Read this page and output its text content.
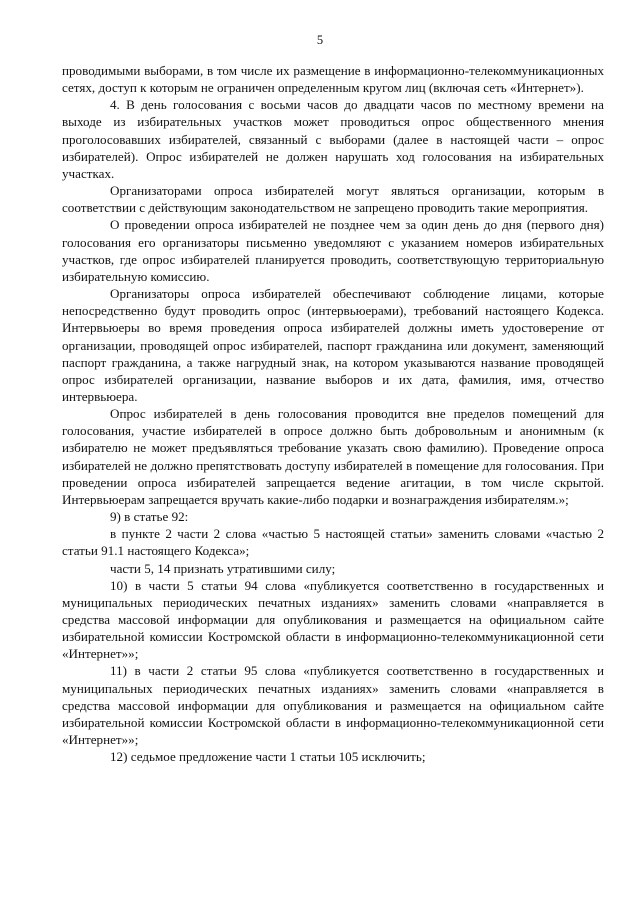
5

проводимыми выборами, в том числе их размещение в информационно-телекоммуникационных сетях, доступ к которым не ограничен определенным кругом лиц (включая сеть «Интернет»).

4. В день голосования с восьми часов до двадцати часов по местному времени на выходе из избирательных участков может проводиться опрос общественного мнения проголосовавших избирателей, связанный с выборами (далее в настоящей части – опрос избирателей). Опрос избирателей не должен нарушать ход голосования на избирательных участках.

Организаторами опроса избирателей могут являться организации, которым в соответствии с действующим законодательством не запрещено проводить такие мероприятия.

О проведении опроса избирателей не позднее чем за один день до дня (первого дня) голосования его организаторы письменно уведомляют с указанием номеров избирательных участков, где опрос избирателей планируется проводить, соответствующую территориальную избирательную комиссию.

Организаторы опроса избирателей обеспечивают соблюдение лицами, которые непосредственно будут проводить опрос (интервьюерами), требований настоящего Кодекса. Интервьюеры во время проведения опроса избирателей должны иметь удостоверение от организации, проводящей опрос избирателей, паспорт гражданина или документ, заменяющий паспорт гражданина, а также нагрудный знак, на котором указываются название проводящей опрос избирателей организации, название выборов и их дата, фамилия, имя, отчество интервьюера.

Опрос избирателей в день голосования проводится вне пределов помещений для голосования, участие избирателей в опросе должно быть добровольным и анонимным (к избирателю не может предъявляться требование указать свою фамилию). Проведение опроса избирателей не должно препятствовать доступу избирателей в помещение для голосования. При проведении опроса избирателей запрещается ведение агитации, в том числе скрытой. Интервьюерам запрещается вручать какие-либо подарки и вознаграждения избирателям.»;

9) в статье 92:

в пункте 2 части 2 слова «частью 5 настоящей статьи» заменить словами «частью 2 статьи 91.1 настоящего Кодекса»;

части 5, 14 признать утратившими силу;

10) в части 5 статьи 94 слова «публикуется соответственно в государственных и муниципальных периодических печатных изданиях» заменить словами «направляется в средства массовой информации для опубликования и размещается на официальном сайте избирательной комиссии Костромской области в информационно-телекоммуникационной сети «Интернет»»;

11) в части 2 статьи 95 слова «публикуется соответственно в государственных и муниципальных периодических печатных изданиях» заменить словами «направляется в средства массовой информации для опубликования и размещается на официальном сайте избирательной комиссии Костромской области в информационно-телекоммуникационной сети «Интернет»»;

12) седьмое предложение части 1 статьи 105 исключить;
